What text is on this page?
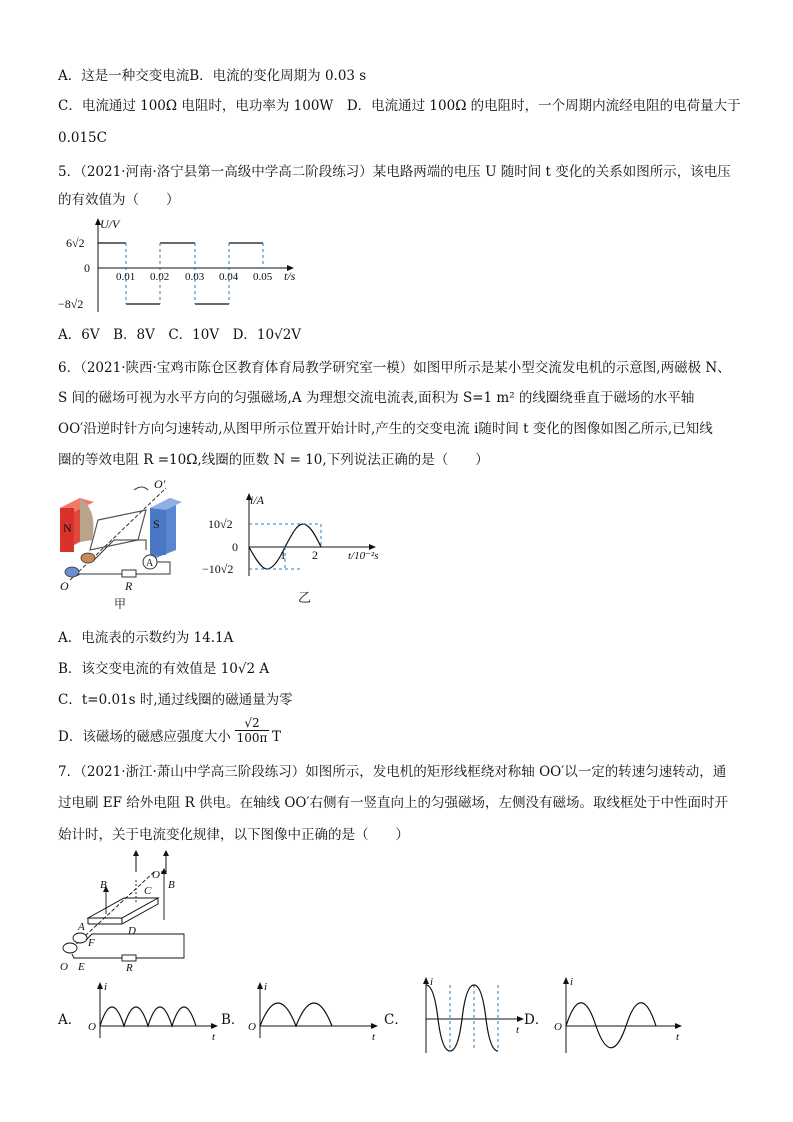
A．这是一种交变电流B．电流的变化周期为 0.03 s
C．电流通过 100Ω 电阻时，电功率为 100W　 D．电流通过 100Ω 的电阻时，一个周期内流经电阻的电荷量大于
0.015C
5．（2021·河南·洛宁县第一高级中学高二阶段练习）某电路两端的电压 U 随时间 t 变化的关系如图所示，该电压
的有效值为（　　）
U/V
6√2
0
−8√2
0.01 0.02 0.03 0.04 0.05 t/s
A．6V　B．8V　C．10V　D．10√2V
6．（2021·陕西·宝鸡市陈仓区教育体育局教学研究室一模）如图甲所示是某小型交流发电机的示意图,两磁极 N、
S 间的磁场可视为水平方向的匀强磁场,A 为理想交流电流表,面积为 S=1 m² 的线圈绕垂直于磁场的水平轴
OO′沿逆时针方向匀速转动,从图甲所示位置开始计时,产生的交变电流 i随时间 t 变化的图像如图乙所示,已知线
圈的等效电阻 R =10Ω,线圈的匝数 N = 10,下列说法正确的是（　　）
N	S
O′
O
A
R
甲
i/A
10√2
0
−10√2
1 2	t/10⁻²s
乙
A．电流表的示数约为 14.1A
B．该交变电流的有效值是 10√2 A
C．t=0.01s 时,通过线圈的磁通量为零
D．该磁场的磁感应强度大小 $\frac{√2}{100\pi}$ T
7．（2021·浙江·萧山中学高三阶段练习）如图所示，发电机的矩形线框绕对称轴 OO′以一定的转速匀速转动，通
过电刷 EF 给外电阻 R 供电。在轴线 OO′右侧有一竖直向上的匀强磁场，左侧没有磁场。取线框处于中性面时开
始计时，关于电流变化规律，以下图像中正确的是（　　）
B
B
O′
C
A	D
F
E
O	R
A．
i
O
t
B．
i
O
t
C．
i
t
D．
i
O
t
